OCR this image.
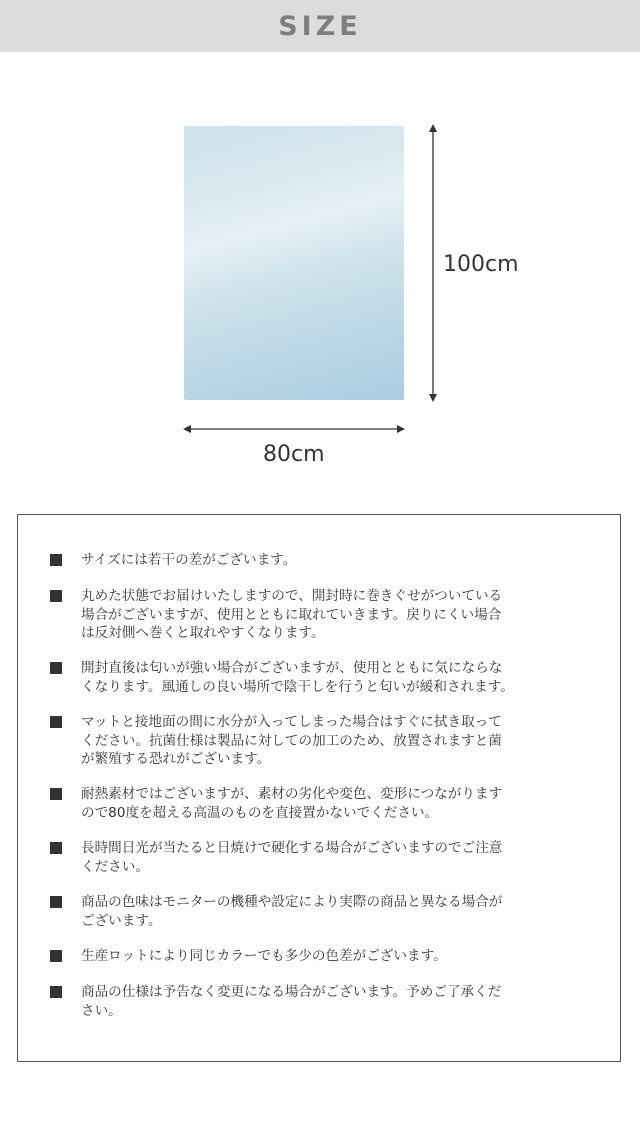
SIZE
100cm
80cm
サイズには若干の差がございます。
丸めた状態でお届けいたしますので、開封時に巻きぐせがついている
場合がございますが、使用とともに取れていきます。戻りにくい場合
は反対側へ巻くと取れやすくなります。
開封直後は匂いが強い場合がございますが、使用とともに気にならな
くなります。風通しの良い場所で陰干しを行うと匂いが緩和されます。
マットと接地面の間に水分が入ってしまった場合はすぐに拭き取って
ください。抗菌仕様は製品に対しての加工のため、放置されますと菌
が繁殖する恐れがございます。
耐熱素材ではございますが、素材の劣化や変色、変形につながります
ので80度を超える高温のものを直接置かないでください。
長時間日光が当たると日焼けで硬化する場合がございますのでご注意
ください。
商品の色味はモニターの機種や設定により実際の商品と異なる場合が
ございます。
生産ロットにより同じカラーでも多少の色差がございます。
商品の仕様は予告なく変更になる場合がございます。予めご了承くだ
さい。
